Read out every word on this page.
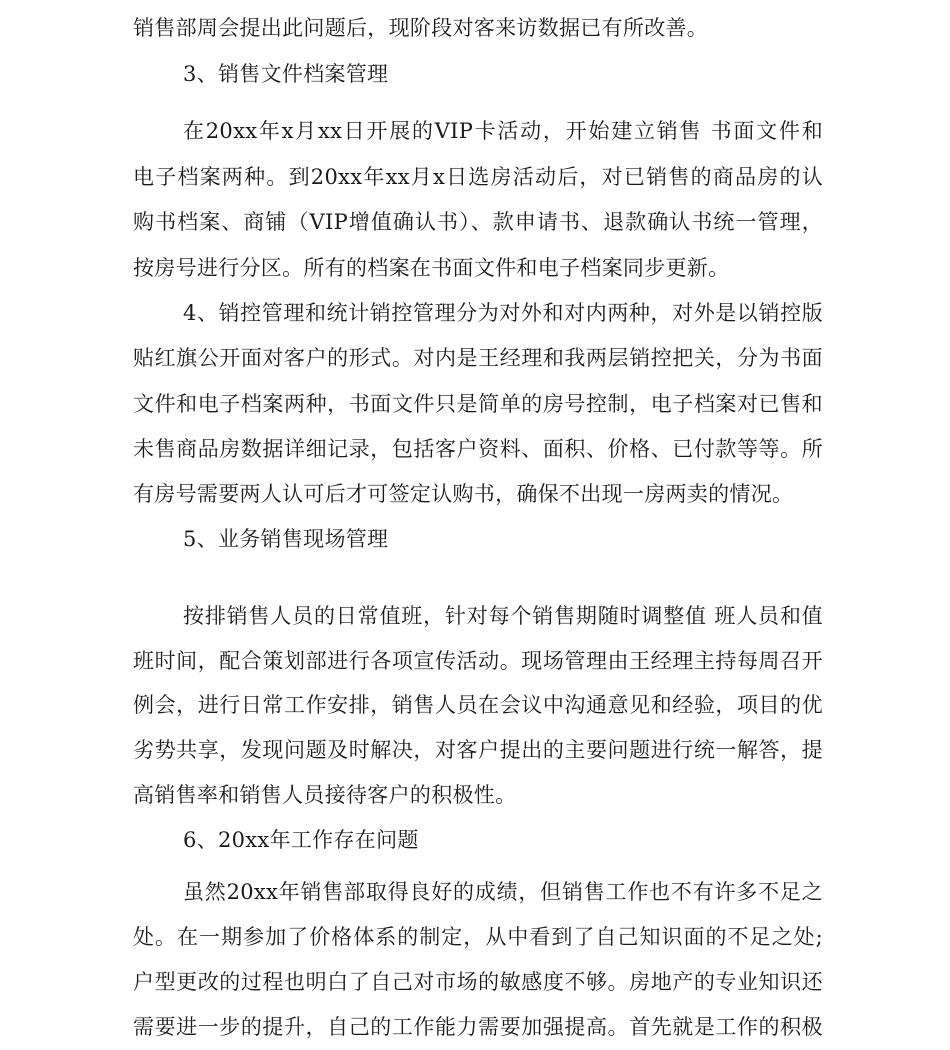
销售部周会提出此问题后，现阶段对客来访数据已有所改善。
3、销售文件档案管理
在20xx年x月xx日开展的VIP卡活动，开始建立销售 书面文件和
电子档案两种。到20xx年xx月x日选房活动后，对已销售的商品房的认
购书档案、商铺（VIP增值确认书）、款申请书、退款确认书统一管理，
按房号进行分区。所有的档案在书面文件和电子档案同步更新。
4、销控管理和统计销控管理分为对外和对内两种，对外是以销控版
贴红旗公开面对客户的形式。对内是王经理和我两层销控把关，分为书面
文件和电子档案两种，书面文件只是简单的房号控制，电子档案对已售和
未售商品房数据详细记录，包括客户资料、面积、价格、已付款等等。所
有房号需要两人认可后才可签定认购书，确保不出现一房两卖的情况。
5、业务销售现场管理
按排销售人员的日常值班，针对每个销售期随时调整值 班人员和值
班时间，配合策划部进行各项宣传活动。现场管理由王经理主持每周召开
例会，进行日常工作安排，销售人员在会议中沟通意见和经验，项目的优
劣势共享，发现问题及时解决，对客户提出的主要问题进行统一解答，提
高销售率和销售人员接待客户的积极性。
6、20xx年工作存在问题
虽然20xx年销售部取得良好的成绩，但销售工作也不有许多不足之
处。在一期参加了价格体系的制定，从中看到了自己知识面的不足之处;
户型更改的过程也明白了自己对市场的敏感度不够。房地产的专业知识还
需要进一步的提升，自己的工作能力需要加强提高。首先就是工作的积极
